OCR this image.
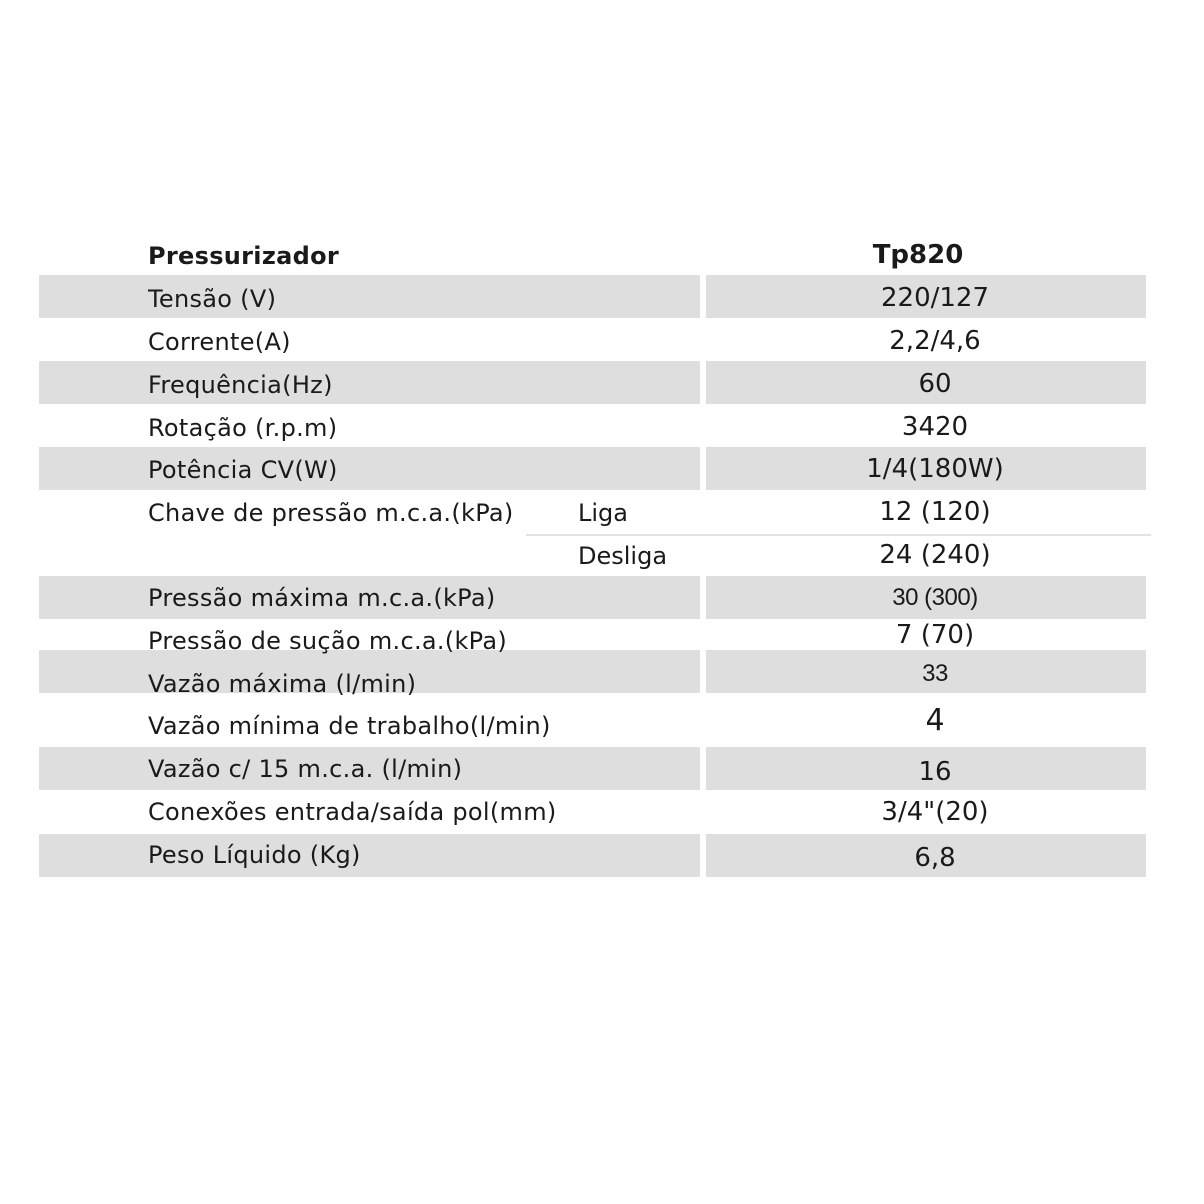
Pressurizador	Tp820
Tensão (V)	220/127
Corrente(A)	2,2/4,6
Frequência(Hz)	60
Rotação (r.p.m)	3420
Potência CV(W)	1/4(180W)
Chave de pressão m.c.a.(kPa)	Liga	12 (120)
Desliga	24 (240)
Pressão máxima m.c.a.(kPa)	30 (300)
Pressão de sução m.c.a.(kPa)	7 (70)
Vazão máxima (l/min)	33
Vazão mínima de trabalho(l/min)	4
Vazão c/ 15 m.c.a. (l/min)	16
Conexões entrada/saída pol(mm)	3/4"(20)
Peso Líquido (Kg)	6,8
